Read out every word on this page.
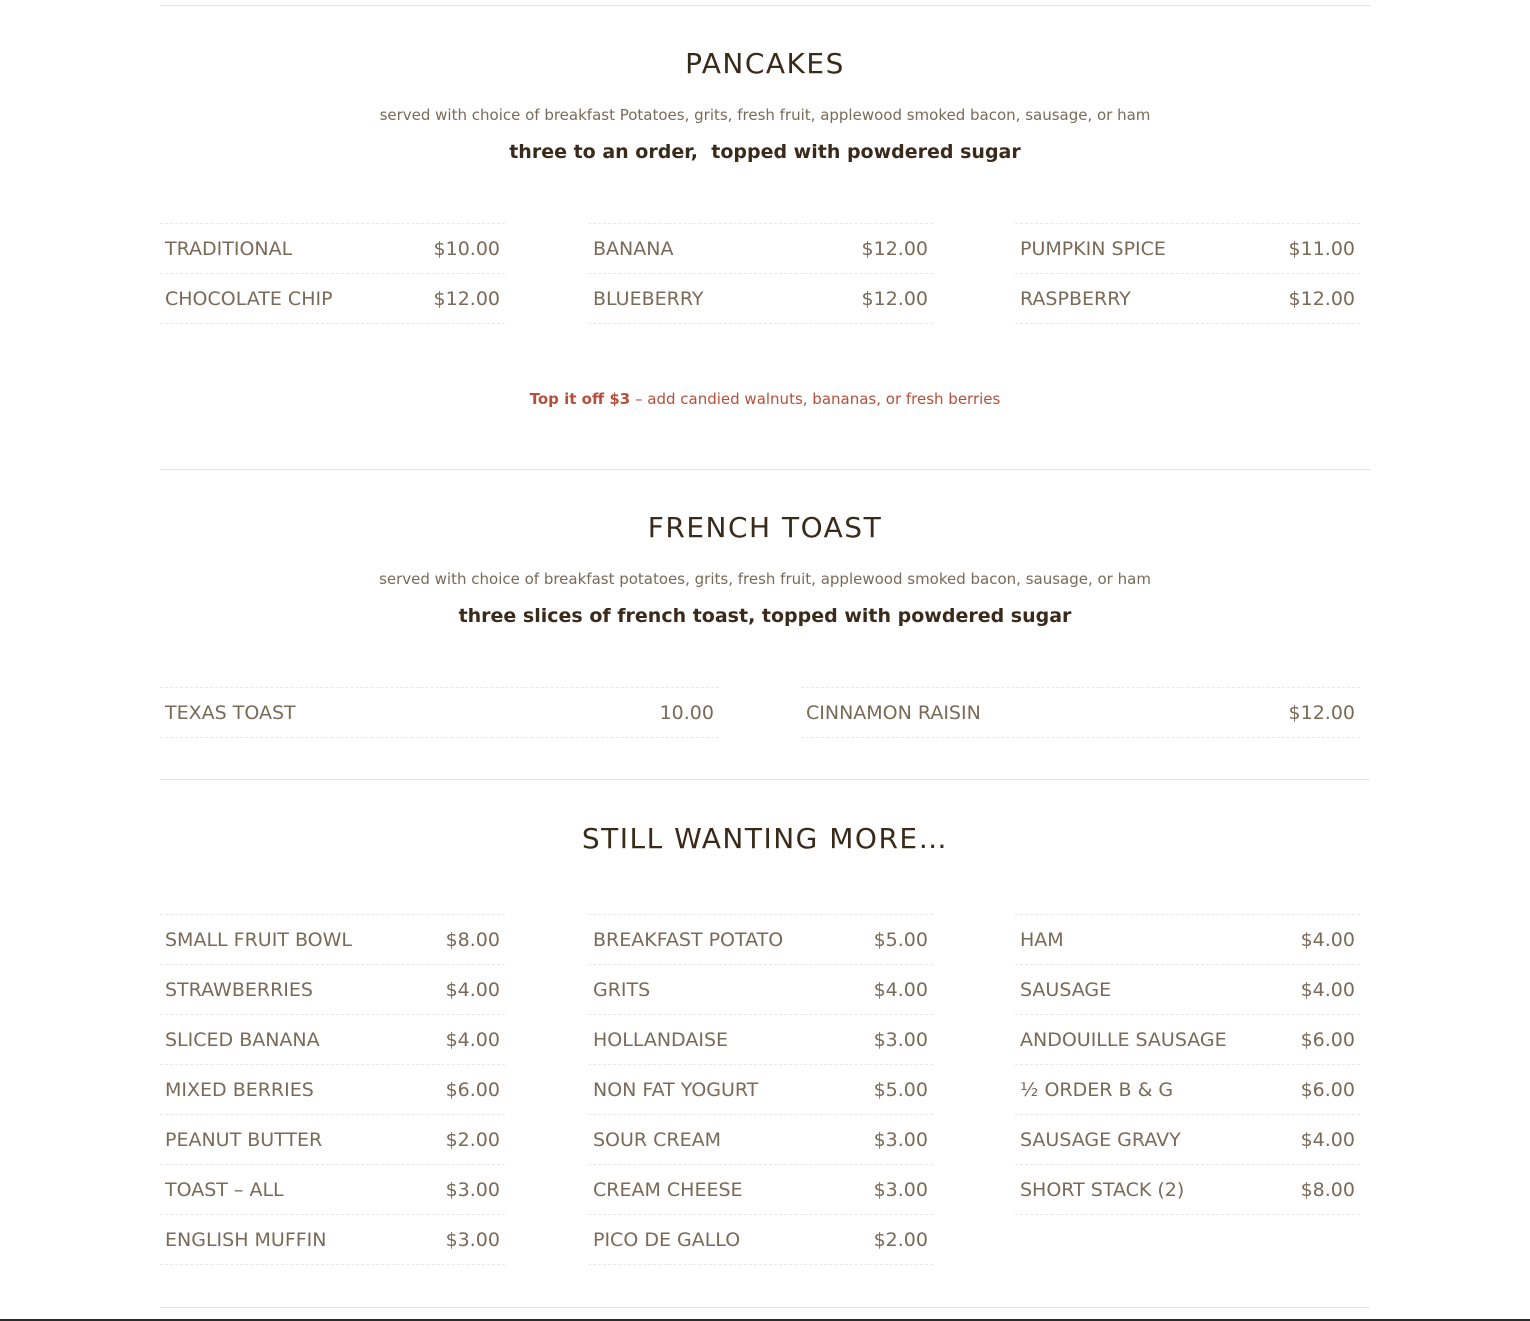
PANCAKES
served with choice of breakfast Potatoes, grits, fresh fruit, applewood smoked bacon, sausage, or ham
three to an order,  topped with powdered sugar
TRADITIONAL	$10.00
CHOCOLATE CHIP	$12.00
BANANA	$12.00
BLUEBERRY	$12.00
PUMPKIN SPICE	$11.00
RASPBERRY	$12.00
Top it off $3 – add candied walnuts, bananas, or fresh berries
FRENCH TOAST
served with choice of breakfast potatoes, grits, fresh fruit, applewood smoked bacon, sausage, or ham
three slices of french toast, topped with powdered sugar
TEXAS TOAST	10.00	CINNAMON RAISIN	$12.00
STILL WANTING MORE…
SMALL FRUIT BOWL	$8.00
STRAWBERRIES	$4.00
SLICED BANANA	$4.00
MIXED BERRIES	$6.00
PEANUT BUTTER	$2.00
TOAST – ALL	$3.00
ENGLISH MUFFIN	$3.00
BREAKFAST POTATO	$5.00
GRITS	$4.00
HOLLANDAISE	$3.00
NON FAT YOGURT	$5.00
SOUR CREAM	$3.00
CREAM CHEESE	$3.00
PICO DE GALLO	$2.00
HAM	$4.00
SAUSAGE	$4.00
ANDOUILLE SAUSAGE	$6.00
½ ORDER B & G	$6.00
SAUSAGE GRAVY	$4.00
SHORT STACK (2)	$8.00
